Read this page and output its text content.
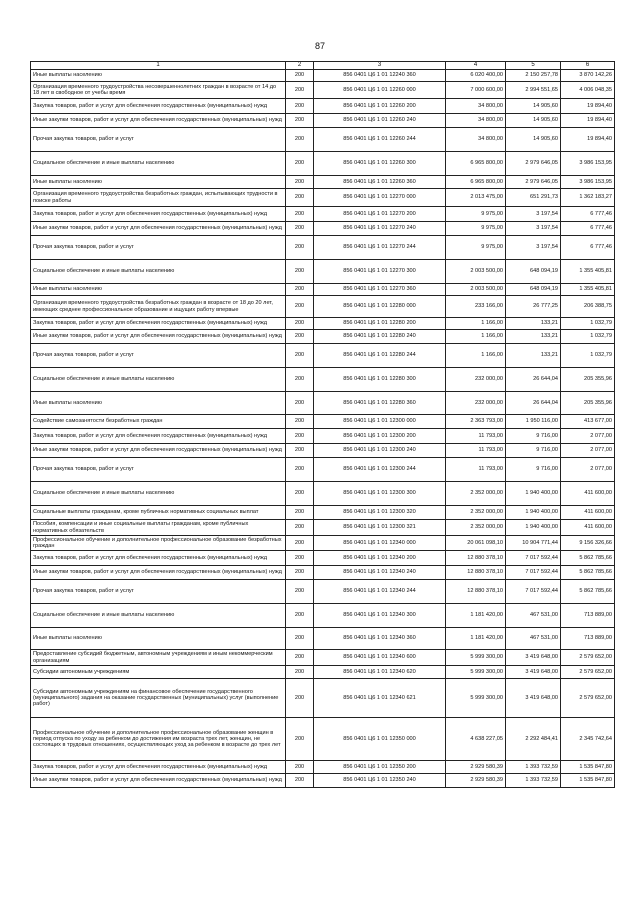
87
1	2	3	4	5	6
Иные выплаты населению	200	856 0401 Ц6 1 01 12240 360	6 020 400,00	2 150 257,78	3 870 142,26
Организация временного трудоустройства несовершеннолетних граждан в возрасте от 14 до 18 лет в свободное от учебы время	200	856 0401 Ц6 1 01 12260 000	7 000 600,00	2 994 551,65	4 006 048,35
Закупка товаров, работ и услуг для обеспечения государственных (муниципальных) нужд	200	856 0401 Ц6 1 01 12260 200	34 800,00	14 905,60	19 894,40
Иные закупки товаров, работ и услуг для обеспечения государственных (муниципальных) нужд	200	856 0401 Ц6 1 01 12260 240	34 800,00	14 905,60	19 894,40
Прочая закупка товаров, работ и услуг	200	856 0401 Ц6 1 01 12260 244	34 800,00	14 905,60	19 894,40
Социальное обеспечение и иные выплаты населению	200	856 0401 Ц6 1 01 12260 300	6 965 800,00	2 979 646,05	3 986 153,95
Иные выплаты населению	200	856 0401 Ц6 1 01 12260 360	6 965 800,00	2 979 646,05	3 986 153,95
Организация временного трудоустройства безработных граждан, испытывающих трудности в поиске работы	200	856 0401 Ц6 1 01 12270 000	2 013 475,00	651 291,73	1 362 183,27
Закупка товаров, работ и услуг для обеспечения государственных (муниципальных) нужд	200	856 0401 Ц6 1 01 12270 200	9 975,00	3 197,54	6 777,46
Иные закупки товаров, работ и услуг для обеспечения государственных (муниципальных) нужд	200	856 0401 Ц6 1 01 12270 240	9 975,00	3 197,54	6 777,46
Прочая закупка товаров, работ и услуг	200	856 0401 Ц6 1 01 12270 244	9 975,00	3 197,54	6 777,46
Социальное обеспечение и иные выплаты населению	200	856 0401 Ц6 1 01 12270 300	2 003 500,00	648 094,19	1 355 405,81
Иные выплаты населению	200	856 0401 Ц6 1 01 12270 360	2 003 500,00	648 094,19	1 355 405,81
Организация временного трудоустройства безработных граждан в возрасте от 18 до 20 лет, имеющих среднее профессиональное образование и ищущих работу впервые	200	856 0401 Ц6 1 01 12280 000	233 166,00	26 777,25	206 388,75
Закупка товаров, работ и услуг для обеспечения государственных (муниципальных) нужд	200	856 0401 Ц6 1 01 12280 200	1 166,00	133,21	1 032,79
Иные закупки товаров, работ и услуг для обеспечения государственных (муниципальных) нужд	200	856 0401 Ц6 1 01 12280 240	1 166,00	133,21	1 032,79
Прочая закупка товаров, работ и услуг	200	856 0401 Ц6 1 01 12280 244	1 166,00	133,21	1 032,79
Социальное обеспечение и иные выплаты населению	200	856 0401 Ц6 1 01 12280 300	232 000,00	26 644,04	205 355,96
Иные выплаты населению	200	856 0401 Ц6 1 01 12280 360	232 000,00	26 644,04	205 355,96
Содействие самозанятости безработных граждан	200	856 0401 Ц6 1 01 12300 000	2 363 793,00	1 950 116,00	413 677,00
Закупка товаров, работ и услуг для обеспечения государственных (муниципальных) нужд	200	856 0401 Ц6 1 01 12300 200	11 793,00	9 716,00	2 077,00
Иные закупки товаров, работ и услуг для обеспечения государственных (муниципальных) нужд	200	856 0401 Ц6 1 01 12300 240	11 793,00	9 716,00	2 077,00
Прочая закупка товаров, работ и услуг	200	856 0401 Ц6 1 01 12300 244	11 793,00	9 716,00	2 077,00
Социальное обеспечение и иные выплаты населению	200	856 0401 Ц6 1 01 12300 300	2 352 000,00	1 940 400,00	411 600,00
Социальные выплаты гражданам, кроме публичных нормативных социальных выплат	200	856 0401 Ц6 1 01 12300 320	2 352 000,00	1 940 400,00	411 600,00
Пособия, компенсации и иные социальные выплаты гражданам, кроме публичных нормативных обязательств	200	856 0401 Ц6 1 01 12300 321	2 352 000,00	1 940 400,00	411 600,00
Профессиональное обучение и дополнительное профессиональное образование безработных граждан	200	856 0401 Ц6 1 01 12340 000	20 061 098,10	10 904 771,44	9 156 326,66
Закупка товаров, работ и услуг для обеспечения государственных (муниципальных) нужд	200	856 0401 Ц6 1 01 12340 200	12 880 378,10	7 017 592,44	5 862 785,66
Иные закупки товаров, работ и услуг для обеспечения государственных (муниципальных) нужд	200	856 0401 Ц6 1 01 12340 240	12 880 378,10	7 017 592,44	5 862 785,66
Прочая закупка товаров, работ и услуг	200	856 0401 Ц6 1 01 12340 244	12 880 378,10	7 017 592,44	5 862 785,66
Социальное обеспечение и иные выплаты населению	200	856 0401 Ц6 1 01 12340 300	1 181 420,00	467 531,00	713 889,00
Иные выплаты населению	200	856 0401 Ц6 1 01 12340 360	1 181 420,00	467 531,00	713 889,00
Предоставление субсидий бюджетным, автономным учреждениям и иным некоммерческим организациям	200	856 0401 Ц6 1 01 12340 600	5 999 300,00	3 419 648,00	2 579 652,00
Субсидии автономным учреждениям	200	856 0401 Ц6 1 01 12340 620	5 999 300,00	3 419 648,00	2 579 652,00
Субсидии автономным учреждениям на финансовое обеспечение государственного (муниципального) задания на оказание государственных (муниципальных) услуг (выполнение работ)	200	856 0401 Ц6 1 01 12340 621	5 999 300,00	3 419 648,00	2 579 652,00
Профессиональное обучение и дополнительное профессиональное образование женщин в период отпуска по уходу за ребенком до достижения им возраста трех лет, женщин, не состоящих в трудовых отношениях, осуществляющих уход за ребенком в возрасте до трех лет	200	856 0401 Ц6 1 01 12350 000	4 638 227,05	2 292 484,41	2 345 742,64
Закупка товаров, работ и услуг для обеспечения государственных (муниципальных) нужд	200	856 0401 Ц6 1 01 12350 200	2 929 580,39	1 393 732,59	1 535 847,80
Иные закупки товаров, работ и услуг для обеспечения государственных (муниципальных) нужд	200	856 0401 Ц6 1 01 12350 240	2 929 580,39	1 393 732,59	1 535 847,80
